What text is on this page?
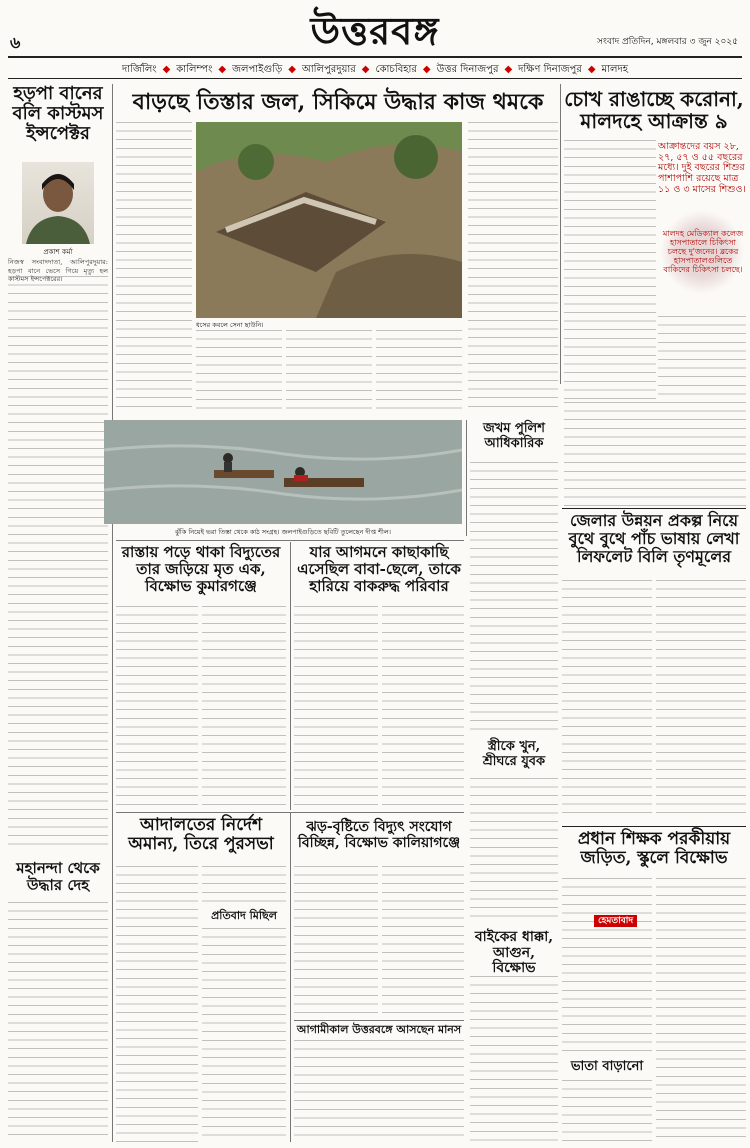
৬	উত্তরবঙ্গ	সংবাদ প্রতিদিন, মঙ্গলবার ৩ জুন ২০২৫
দার্জিলিং ◆ কালিম্পং ◆ জলপাইগুড়ি ◆ আলিপুরদুয়ার ◆ কোচবিহার ◆ উত্তর দিনাজপুর ◆ দক্ষিণ দিনাজপুর ◆ মালদহ
হড়পা বানের বলি কাস্টমস ইন্সপেক্টর
প্রকাশ কর্মা

নিজস্ব সংবাদদাতা, আলিপুরদুয়ার: হড়পা বানে ভেসে গিয়ে মৃত্যু হল কাস্টমস ইন্সপেক্টরের।

মহানন্দা থেকে উদ্ধার দেহ
বাড়ছে তিস্তার জল, সিকিমে উদ্ধার কাজ থমকে
ধসের কবলে সেনা ছাউনি।
ঝুঁকি নিয়েই ভরা তিস্তা থেকে কাঠ সংগ্রহ। জলপাইগুড়িতে ছবিটি তুলেছেন দীপ্ত শীল।
চোখ রাঙাচ্ছে করোনা, মালদহে আক্রান্ত ৯
আক্রান্তদের বয়স ২৮, ২৭, ৫৭ ও ৫৫ বছরের মধ্যে। দুই বছরের শিশুর পাশাপাশি রয়েছে মাত্র ১১ ও ৩ মাসের শিশুও।
মালদহ মেডিক্যাল কলেজ হাসপাতালে চিকিৎসা চলছে দু'জনের। ব্লকের হাসপাতালগুলিতে বাকিদের চিকিৎসা চলছে।
জখম পুলিশ আধিকারিক
জেলার উন্নয়ন প্রকল্প নিয়ে বুথে বুথে পাঁচ ভাষায় লেখা লিফলেট বিলি তৃণমূলের
স্ত্রীকে খুন, শ্রীঘরে যুবক
রাস্তায় পড়ে থাকা বিদ্যুতের তার জড়িয়ে মৃত এক, বিক্ষোভ কুমারগঞ্জে
যার আগমনে কাছাকাছি এসেছিল বাবা-ছেলে, তাকে হারিয়ে বাকরুদ্ধ পরিবার
আদালতের নির্দেশ অমান্য, তিরে পুরসভা
প্রতিবাদ মিছিল
ঝড়-বৃষ্টিতে বিদ্যুৎ সংযোগ বিচ্ছিন্ন, বিক্ষোভ কালিয়াগঞ্জে
বাইকের ধাক্কা, আগুন, বিক্ষোভ
আগামীকাল উত্তরবঙ্গে আসছেন মানস
প্রধান শিক্ষক পরকীয়ায় জড়িত, স্কুলে বিক্ষোভ
হেমতাবাদ
ভাতা বাড়ানো
